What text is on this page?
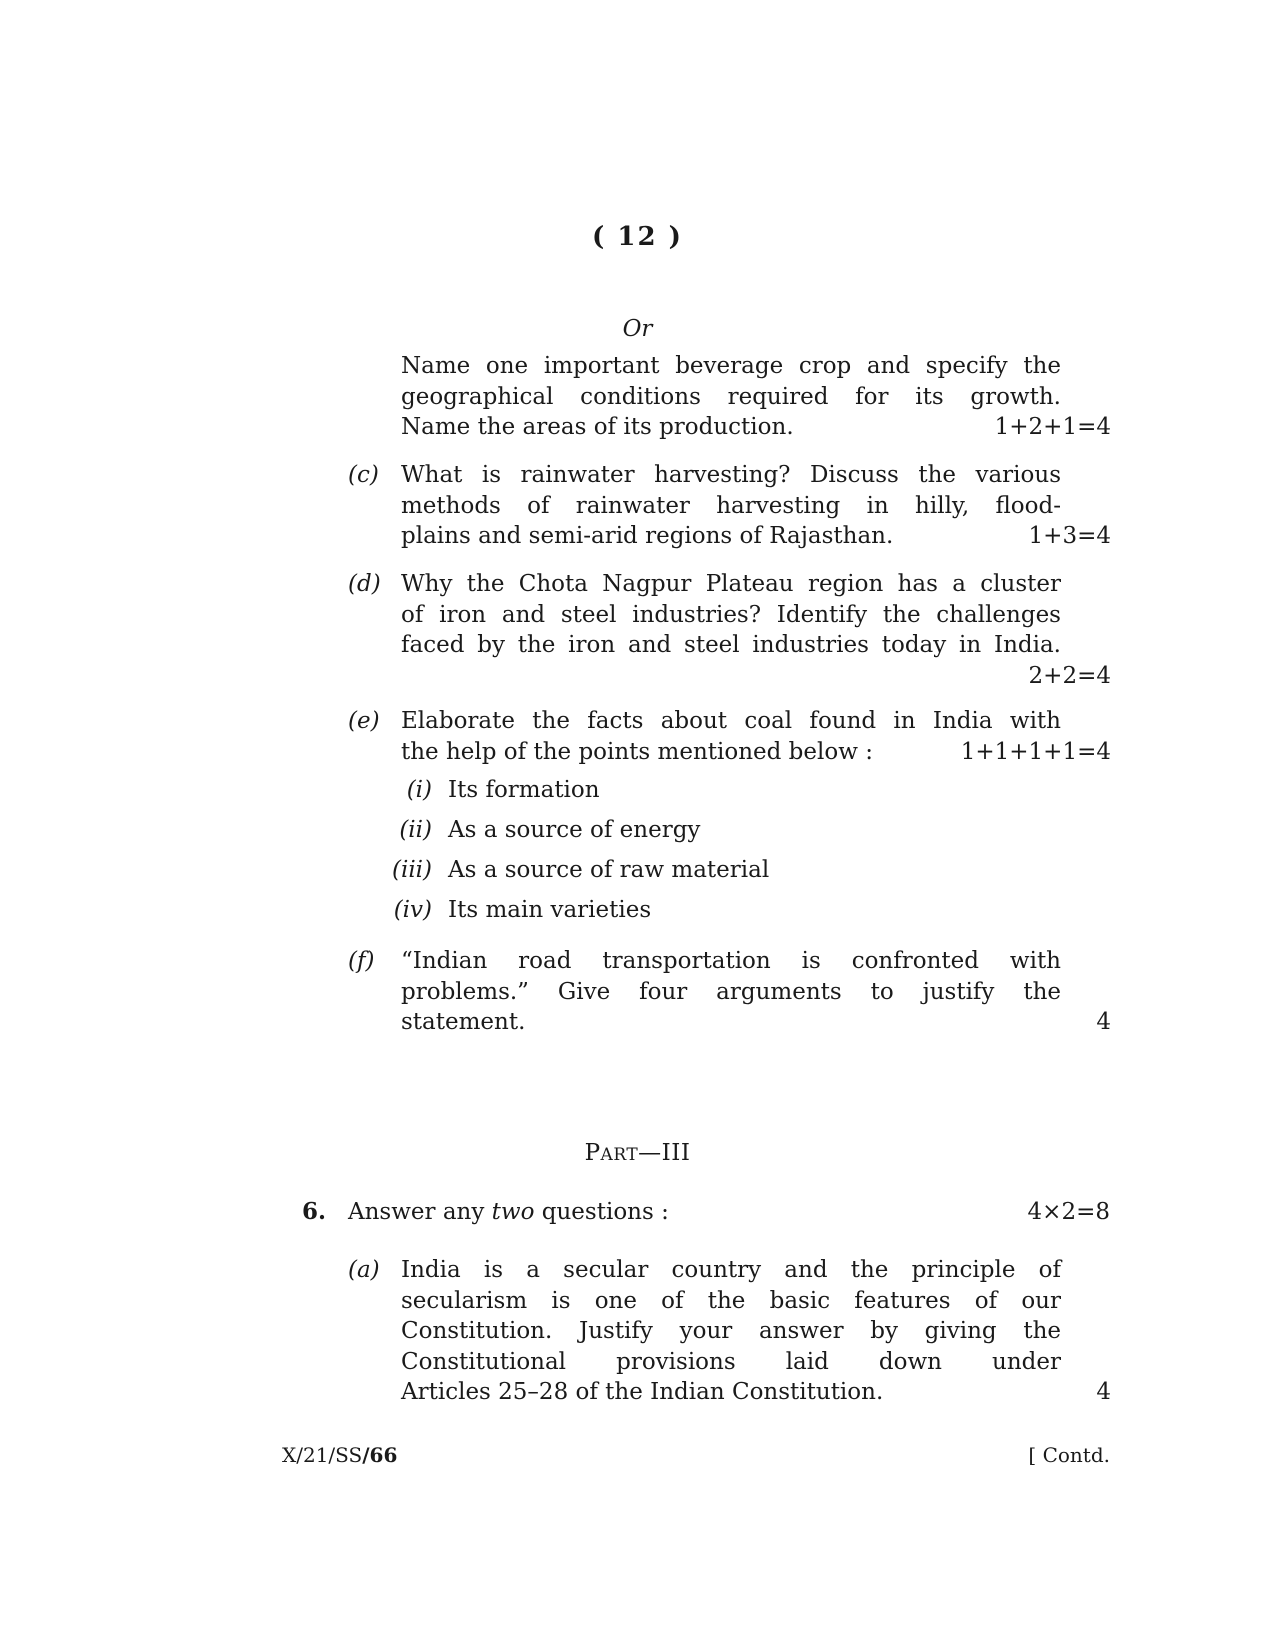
( 12 )
Or
Name one important beverage crop and specify the
geographical conditions required for its growth.
Name the areas of its production.	1+2+1=4
(c) What is rainwater harvesting? Discuss the various
methods of rainwater harvesting in hilly, flood-
plains and semi-arid regions of Rajasthan.	1+3=4
(d) Why the Chota Nagpur Plateau region has a cluster
of iron and steel industries? Identify the challenges
faced by the iron and steel industries today in India.
2+2=4
(e) Elaborate the facts about coal found in India with
the help of the points mentioned below :	1+1+1+1=4
(i) Its formation
(ii) As a source of energy
(iii) As a source of raw material
(iv) Its main varieties
(f) “Indian road transportation is confronted with
problems.” Give four arguments to justify the
statement.	4
PART—III
6. Answer any two questions :	4×2=8
(a) India is a secular country and the principle of
secularism is one of the basic features of our
Constitution. Justify your answer by giving the
Constitutional provisions laid down under
Articles 25–28 of the Indian Constitution.	4
X/21/SS/66	[ Contd.
